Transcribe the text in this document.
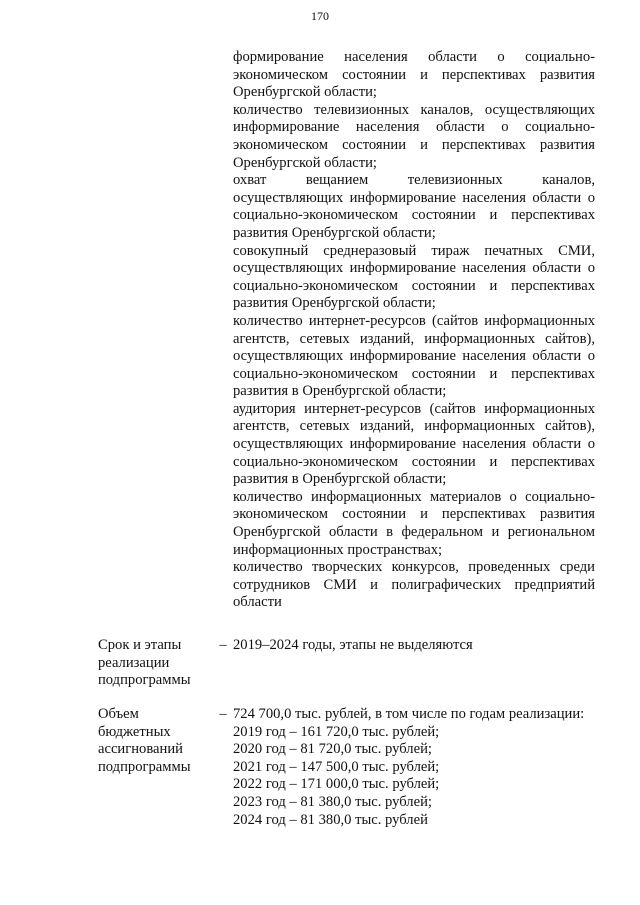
170

формирование населения области о социально-экономическом состоянии и перспективах развития Оренбургской области;

количество телевизионных каналов, осуществляющих информирование населения области о социально-экономическом состоянии и перспективах развития Оренбургской области;

охват вещанием телевизионных каналов, осуществляющих информирование населения области о социально-экономическом состоянии и перспективах развития Оренбургской области;

совокупный среднеразовый тираж печатных СМИ, осуществляющих информирование населения области о социально-экономическом состоянии и перспективах развития Оренбургской области;

количество интернет-ресурсов (сайтов информационных агентств, сетевых изданий, информационных сайтов), осуществляющих информирование населения области о социально-экономическом состоянии и перспективах развития в Оренбургской области;

аудитория интернет-ресурсов (сайтов информационных агентств, сетевых изданий, информационных сайтов), осуществляющих информирование населения области о социально-экономическом состоянии и перспективах развития в Оренбургской области;

количество информационных материалов о социально-экономическом состоянии и перспективах развития Оренбургской области в федеральном и региональном информационных пространствах;

количество творческих конкурсов, проведенных среди сотрудников СМИ и полиграфических предприятий области

Срок и этапы реализации подпрограммы
– 2019–2024 годы, этапы не выделяются
Объем бюджетных ассигнований подпрограммы
– 724 700,0 тыс. рублей, в том числе по годам реализации:

2019 год – 161 720,0 тыс. рублей;

2020 год – 81 720,0 тыс. рублей;

2021 год – 147 500,0 тыс. рублей;

2022 год – 171 000,0 тыс. рублей;

2023 год – 81 380,0 тыс. рублей;

2024 год – 81 380,0 тыс. рублей
